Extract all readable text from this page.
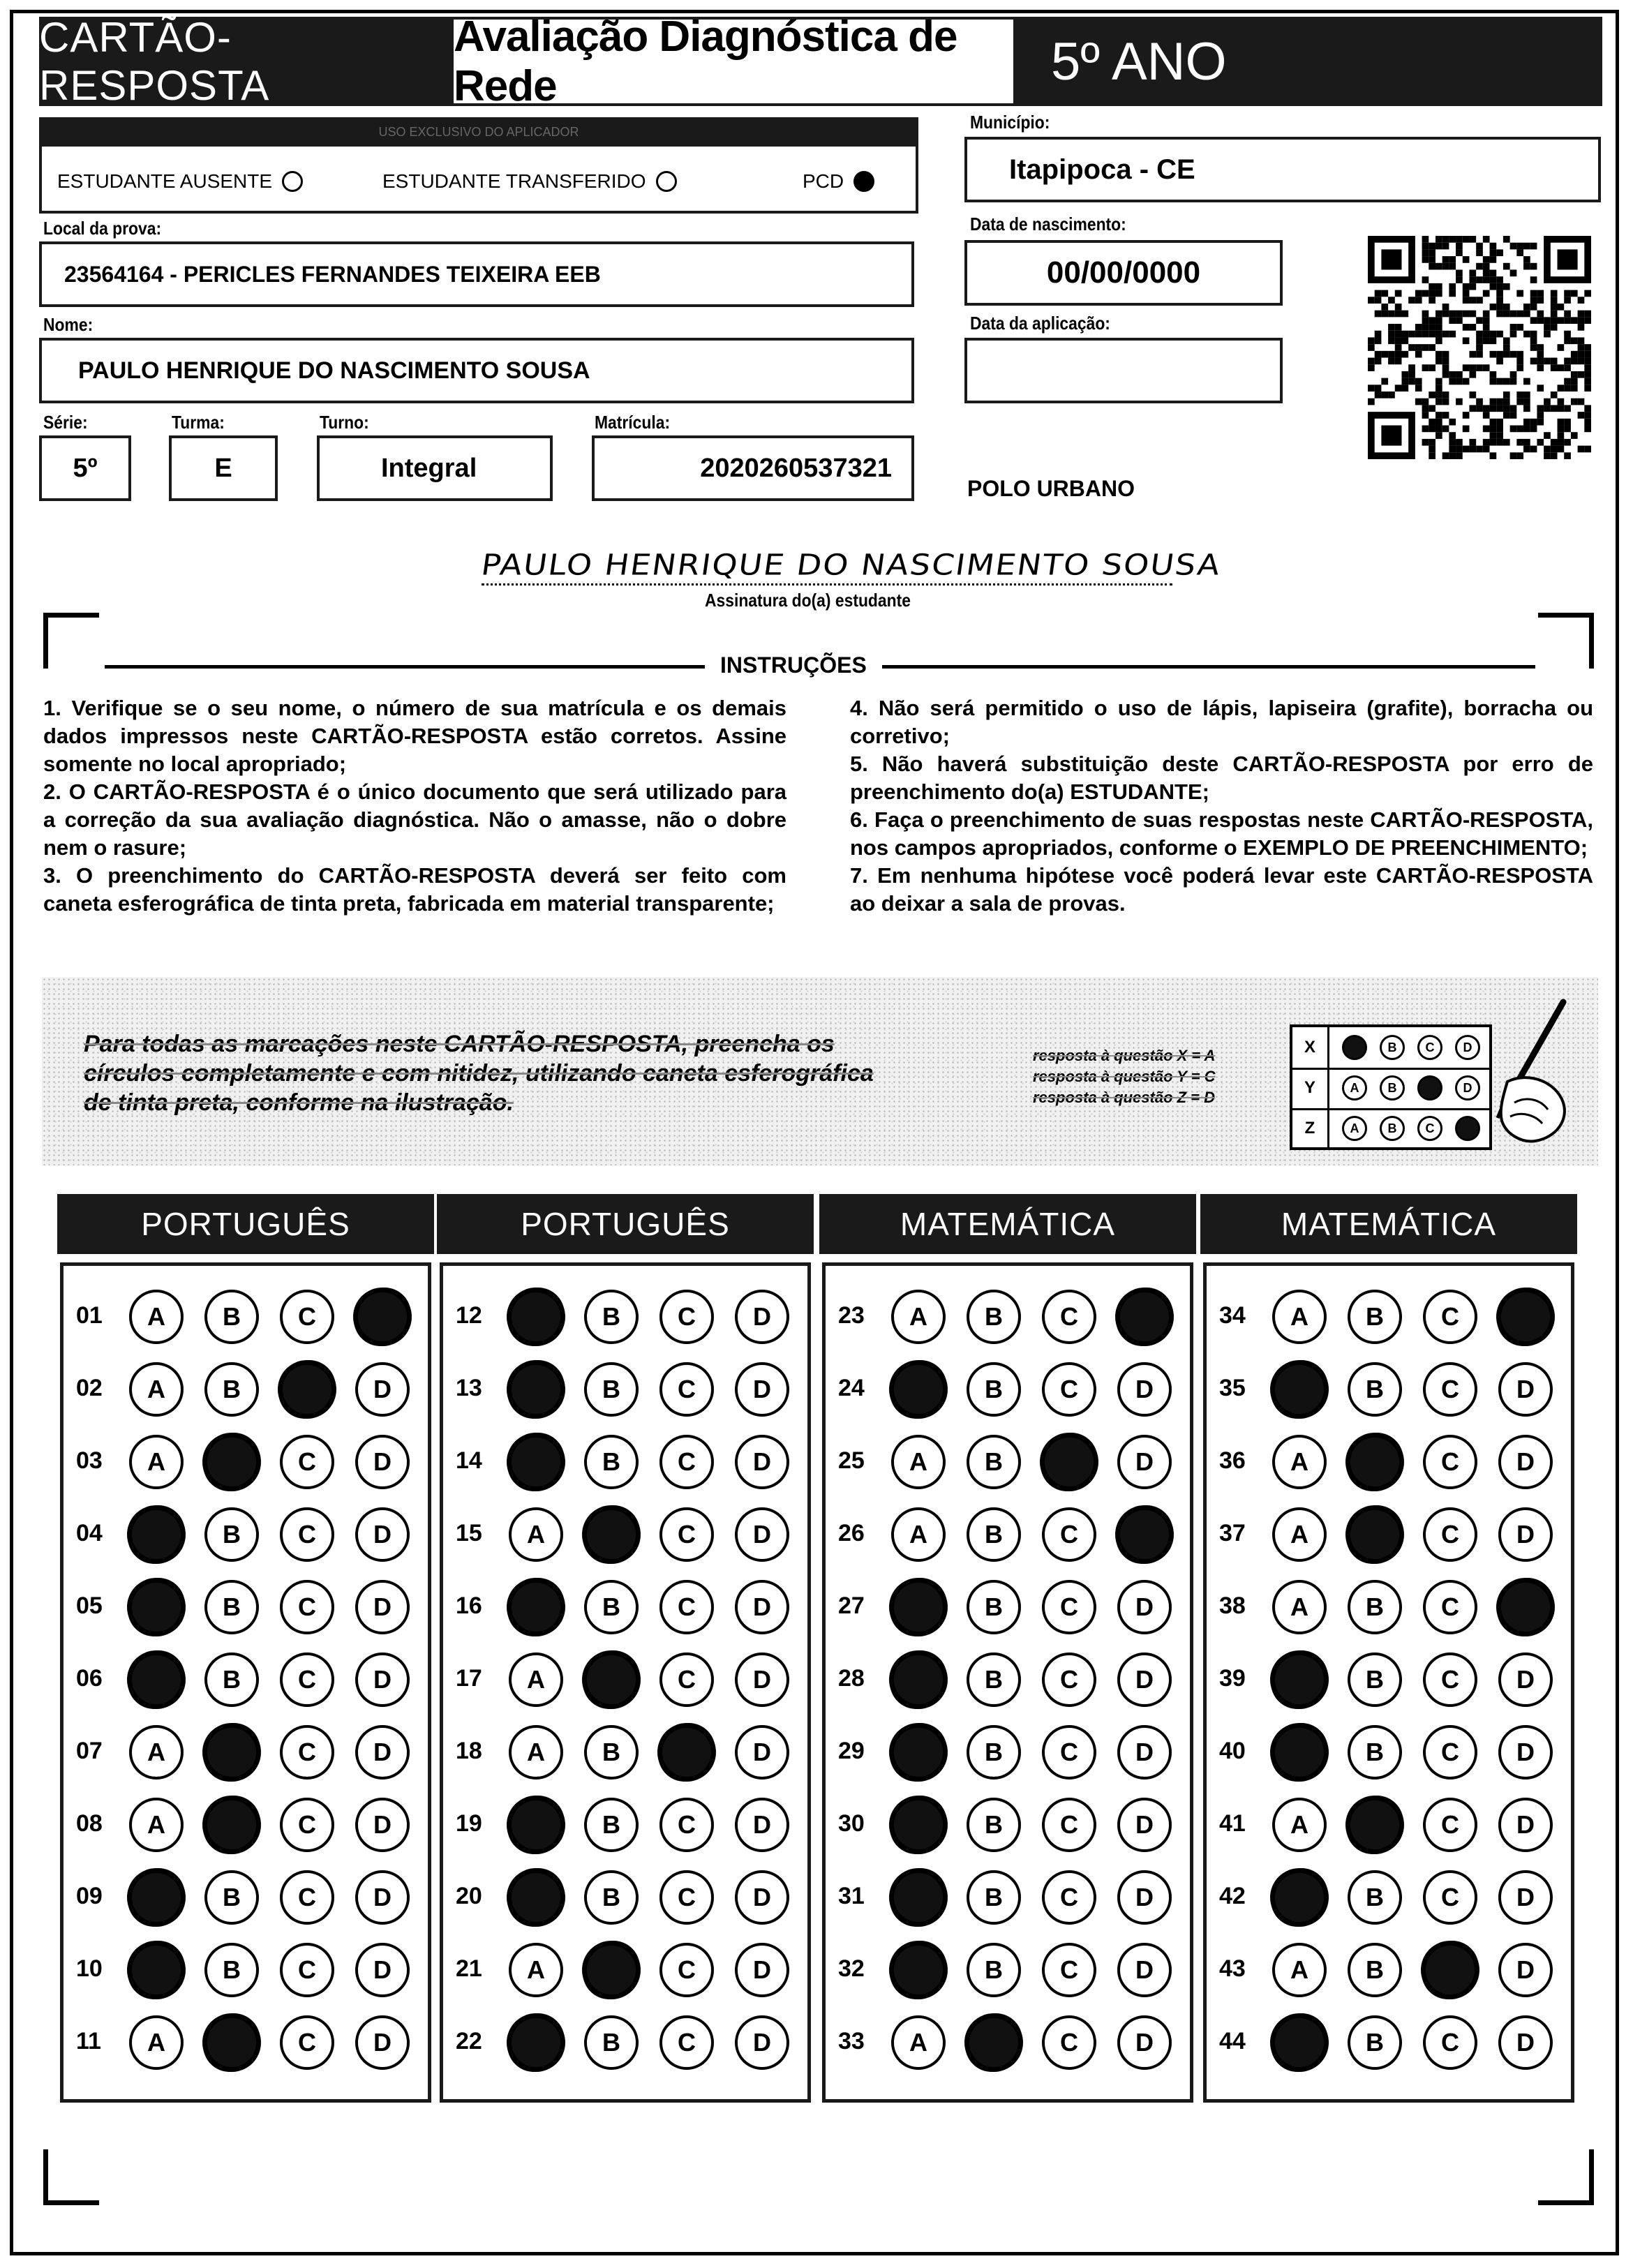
CARTÃO-RESPOSTA
Avaliação Diagnóstica de Rede	5º ANO
USO EXCLUSIVO DO APLICADOR
ESTUDANTE AUSENTE	ESTUDANTE TRANSFERIDO	PCD
Local da prova:
23564164 - PERICLES FERNANDES TEIXEIRA EEB
Nome:
PAULO HENRIQUE DO NASCIMENTO SOUSA
Série:
5º
Turma:
E
Turno:
Integral
Matrícula:
2020260537321
Município:
Itapipoca - CE
Data de nascimento:
00/00/0000
Data da aplicação:
POLO URBANO
PAULO HENRIQUE DO NASCIMENTO SOUSA
Assinatura do(a) estudante
INSTRUÇÕES

1. Verifique se o seu nome, o número de sua matrícula e os demais dados impressos neste CARTÃO-RESPOSTA estão corretos. Assine somente no local apropriado;

2. O CARTÃO-RESPOSTA é o único documento que será utilizado para a correção da sua avaliação diagnóstica. Não o amasse, não o dobre nem o rasure;

3. O preenchimento do CARTÃO-RESPOSTA deverá ser feito com caneta esferográfica de tinta preta, fabricada em material transparente;

4. Não será permitido o uso de lápis, lapiseira (grafite), borracha ou corretivo;

5. Não haverá substituição deste CARTÃO-RESPOSTA por erro de preenchimento do(a) ESTUDANTE;

6. Faça o preenchimento de suas respostas neste CARTÃO-RESPOSTA, nos campos apropriados, conforme o EXEMPLO DE PREENCHIMENTO;

7. Em nenhuma hipótese você poderá levar este CARTÃO-RESPOSTA ao deixar a sala de provas.

Para todas as marcações neste CARTÃO-RESPOSTA, preencha os círculos completamente e com nitidez, utilizando caneta esferográfica de tinta preta, conforme na ilustração.
resposta à questão X = A
resposta à questão Y = C
resposta à questão Z = D
X	A	B	C	D
Y	A	B	C	D
Z	A	B	C	D
PORTUGUÊS
01	A	B	C	D
02	A	B	C	D
03	A	B	C	D
04	A	B	C	D
05	A	B	C	D
06	A	B	C	D
07	A	B	C	D
08	A	B	C	D
09	A	B	C	D
10	A	B	C	D
11	A	B	C	D
PORTUGUÊS
12	A	B	C	D
13	A	B	C	D
14	A	B	C	D
15	A	B	C	D
16	A	B	C	D
17	A	B	C	D
18	A	B	C	D
19	A	B	C	D
20	A	B	C	D
21	A	B	C	D
22	A	B	C	D
MATEMÁTICA
23	A	B	C	D
24	A	B	C	D
25	A	B	C	D
26	A	B	C	D
27	A	B	C	D
28	A	B	C	D
29	A	B	C	D
30	A	B	C	D
31	A	B	C	D
32	A	B	C	D
33	A	B	C	D
MATEMÁTICA
34	A	B	C	D
35	A	B	C	D
36	A	B	C	D
37	A	B	C	D
38	A	B	C	D
39	A	B	C	D
40	A	B	C	D
41	A	B	C	D
42	A	B	C	D
43	A	B	C	D
44	A	B	C	D
